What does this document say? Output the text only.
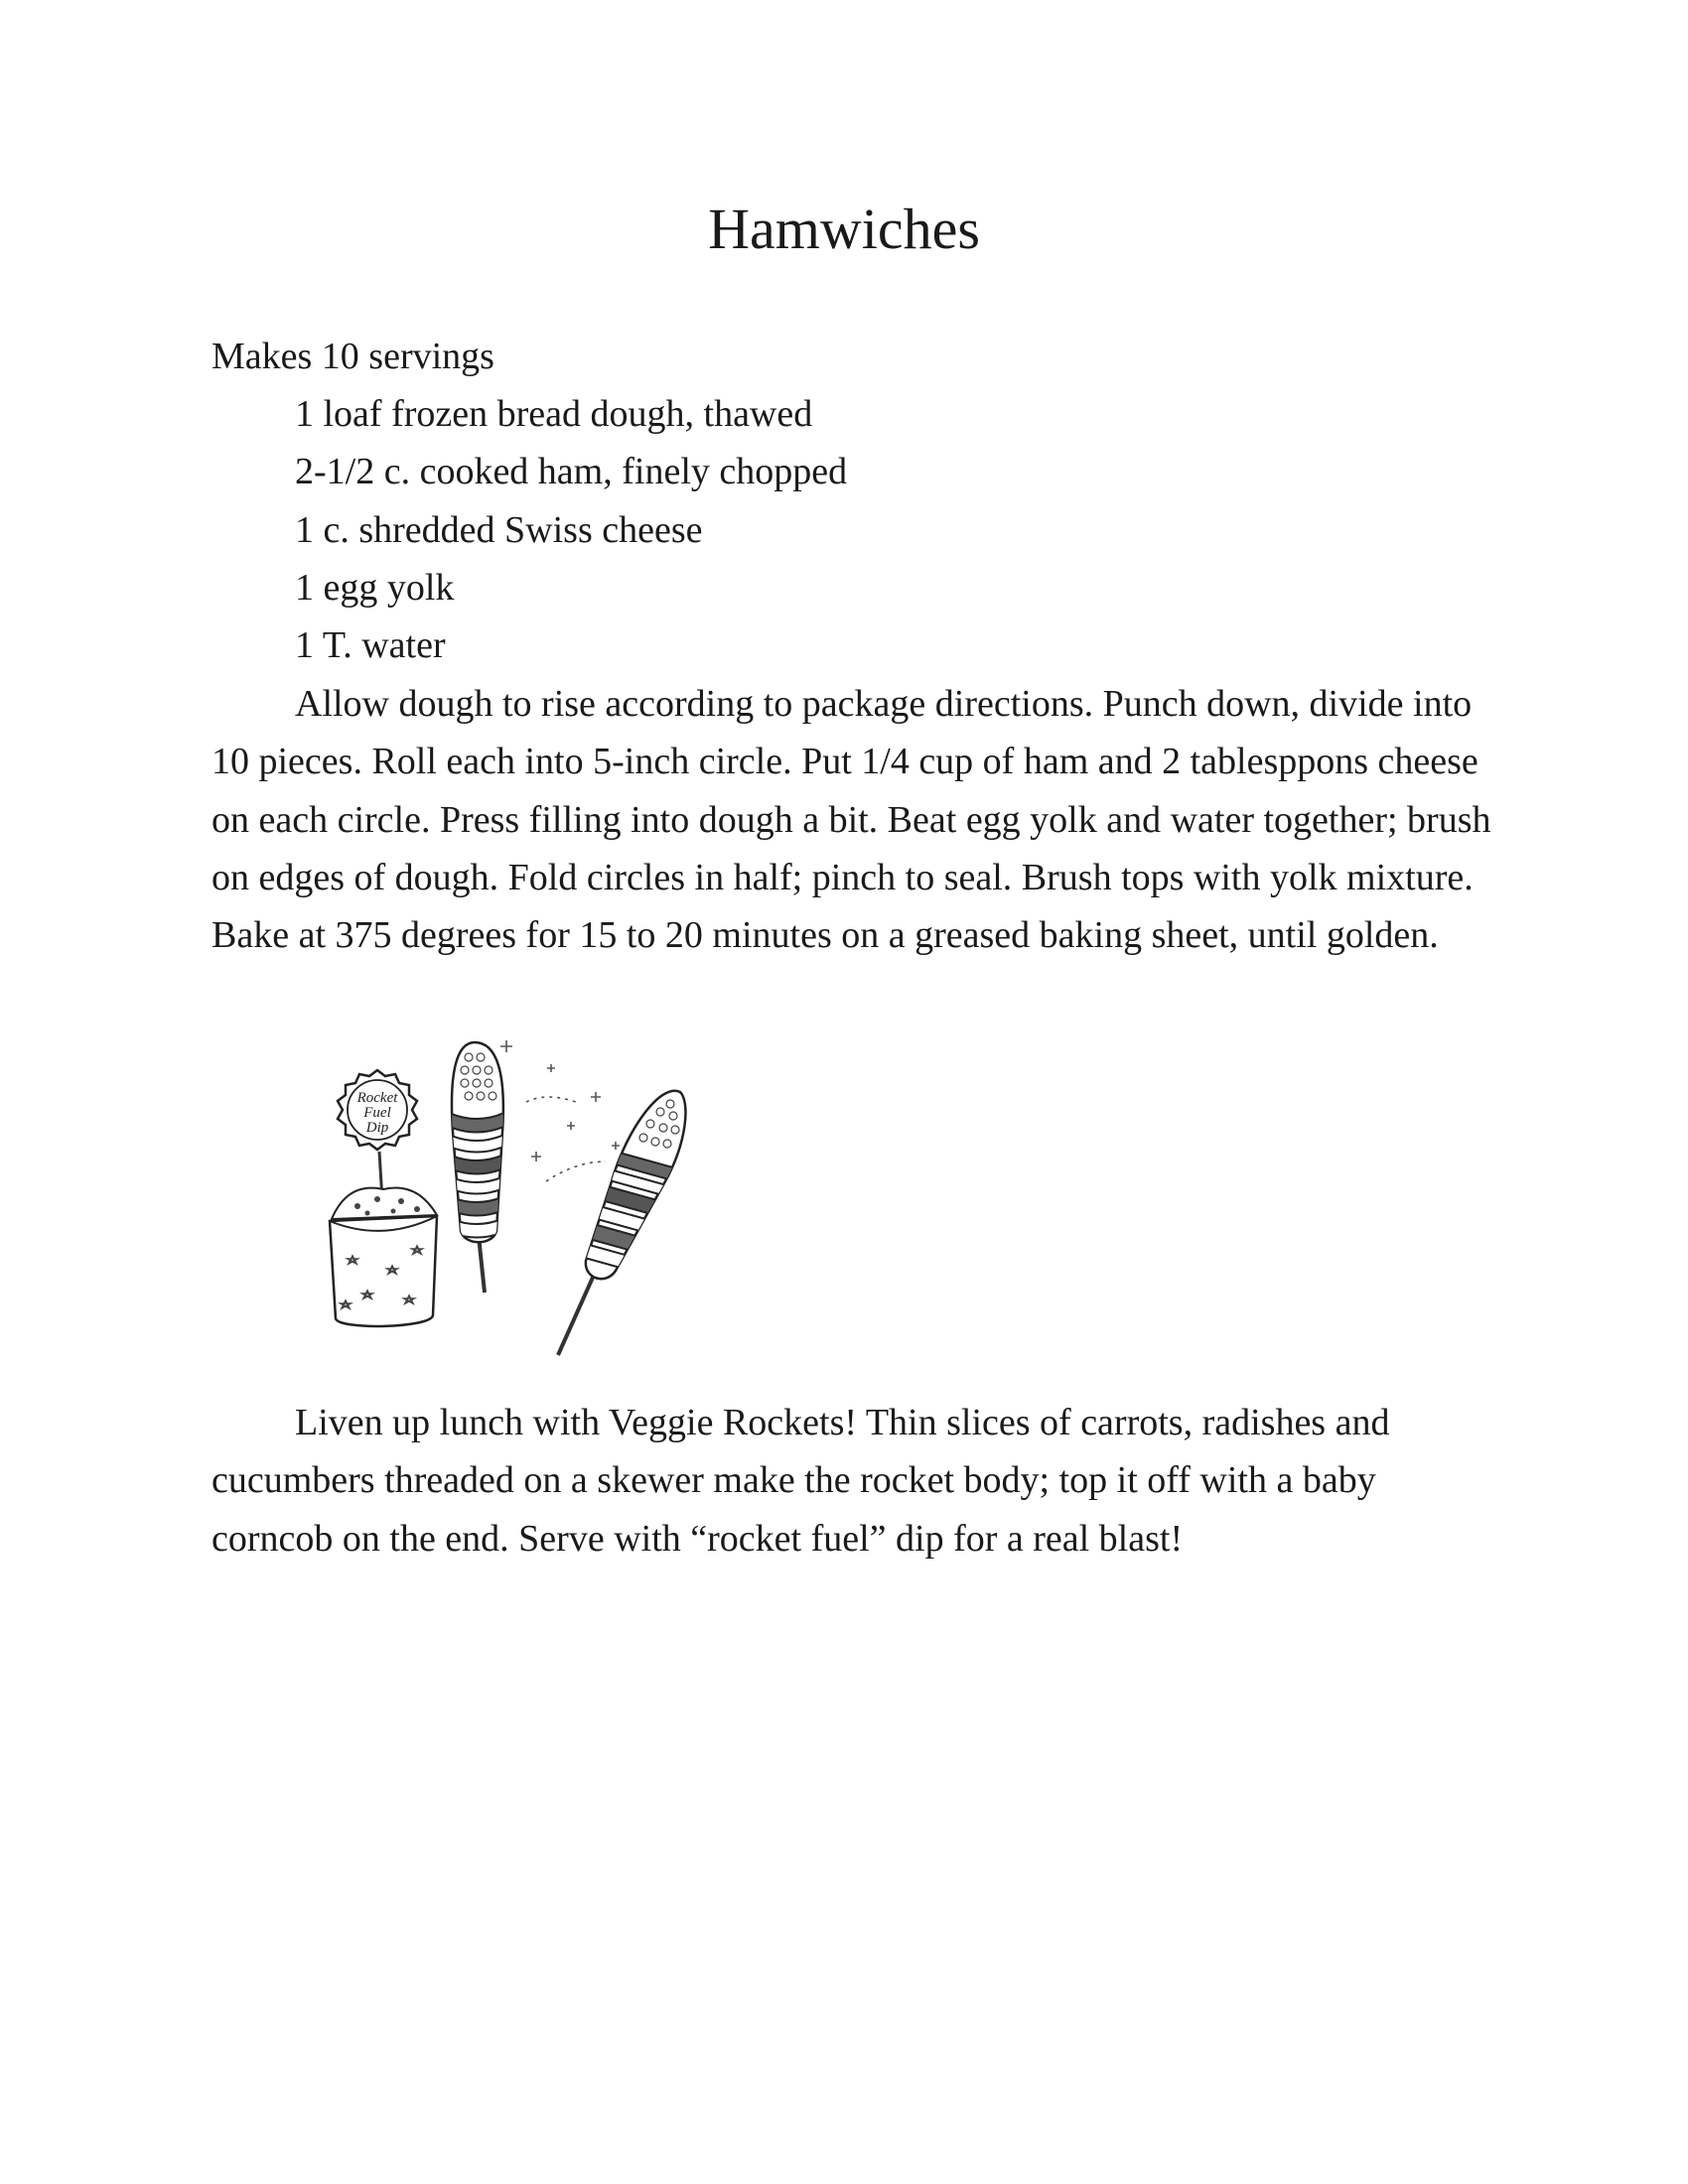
Hamwiches
Makes 10 servings
1 loaf frozen bread dough, thawed
2-1/2 c. cooked ham, finely chopped
1 c. shredded Swiss cheese
1 egg yolk
1 T. water

Allow dough to rise according to package directions. Punch down, divide into 10 pieces. Roll each into 5-inch circle. Put 1/4 cup of ham and 2 tablesppons cheese on each circle. Press filling into dough a bit. Beat egg yolk and water together; brush on edges of dough. Fold circles in half; pinch to seal. Brush tops with yolk mixture. Bake at 375 degrees for 15 to 20 minutes on a greased baking sheet, until golden.

Rocket
Fuel
Dip

Liven up lunch with Veggie Rockets! Thin slices of carrots, radishes and cucumbers threaded on a skewer make the rocket body; top it off with a baby corncob on the end. Serve with “rocket fuel” dip for a real blast!
